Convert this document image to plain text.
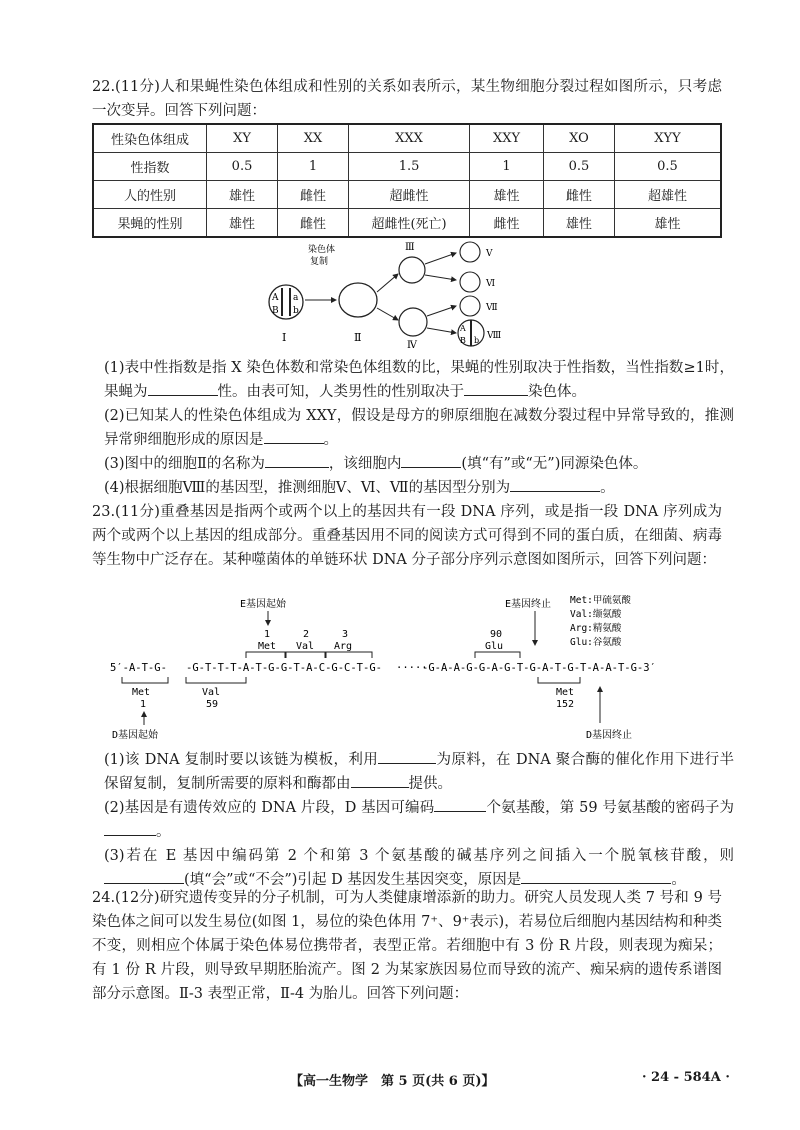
22.(11分)人和果蝇性染色体组成和性别的关系如表所示，某生物细胞分裂过程如图所示，只考虑一次变异。回答下列问题：
性染色体组成	XY	XX	XXX	XXY	XO	XYY
性指数	0.5	1	1.5	1	0.5	0.5
人的性别	雄性	雌性	超雌性	雄性	雌性	超雄性
果蝇的性别	雄性	雌性	超雌性(死亡)	雌性	雄性	雄性
A a
B b
Ⅰ
染色体
复制
Ⅱ
Ⅲ
Ⅳ
Ⅴ
Ⅵ
Ⅶ
A
B b Ⅷ
(1)表中性指数是指 X 染色体数和常染色体组数的比，果蝇的性别取决于性指数，当性指数≥1时，果蝇为	性。由表可知，人类男性的性别取决于	染色体。
(2)已知某人的性染色体组成为 XXY，假设是母方的卵原细胞在减数分裂过程中异常导致的，推测异常卵细胞形成的原因是	。
(3)图中的细胞Ⅱ的名称为	，该细胞内	(填“有”或“无”)同源染色体。
(4)根据细胞Ⅷ的基因型，推测细胞Ⅴ、Ⅵ、Ⅶ的基因型分别为	。
23.(11分)重叠基因是指两个或两个以上的基因共有一段 DNA 序列，或是指一段 DNA 序列成为两个或两个以上基因的组成部分。重叠基因用不同的阅读方式可得到不同的蛋白质，在细菌、病毒等生物中广泛存在。某种噬菌体的单链环状 DNA 分子部分序列示意图如图所示，回答下列问题：
E基因起始	E基因终止 Met:甲硫氨酸
Val:缬氨酸
Arg:精氨酸
Glu:谷氨酸
1
Met
2
Val
3
Arg
90
Glu
5′-A-T-G- -G-T-T-T-A-T-G-G-T-A-C-G-C-T-G- ·····
-G-A-A-G-G-A-G-T-G-A-T-G-T-A-A-T-G-3′
Met
1
Val
59
Met
152
D基因起始	D基因终止
(1)该 DNA 复制时要以该链为模板，利用	为原料，在 DNA 聚合酶的催化作用下进行半保留复制，复制所需要的原料和酶都由	提供。
(2)基因是有遗传效应的 DNA 片段，D 基因可编码	个氨基酸，第 59 号氨基酸的密码子为。
(3)若在 E 基因中编码第 2 个和第 3 个氨基酸的碱基序列之间插入一个脱氧核苷酸，则(填“会”或“不会”)引起 D 基因发生基因突变，原因是	。
24.(12分)研究遗传变异的分子机制，可为人类健康增添新的助力。研究人员发现人类 7 号和 9 号染色体之间可以发生易位(如图 1，易位的染色体用 7⁺、9⁺表示)，若易位后细胞内基因结构和种类不变，则相应个体属于染色体易位携带者，表型正常。若细胞中有 3 份 R 片段，则表现为痴呆；有 1 份 R 片段，则导致早期胚胎流产。图 2 为某家族因易位而导致的流产、痴呆病的遗传系谱图部分示意图。Ⅱ-3 表型正常，Ⅱ-4 为胎儿。回答下列问题：
【高一生物学　第 5 页(共 6 页)】	· 24 - 584A ·
